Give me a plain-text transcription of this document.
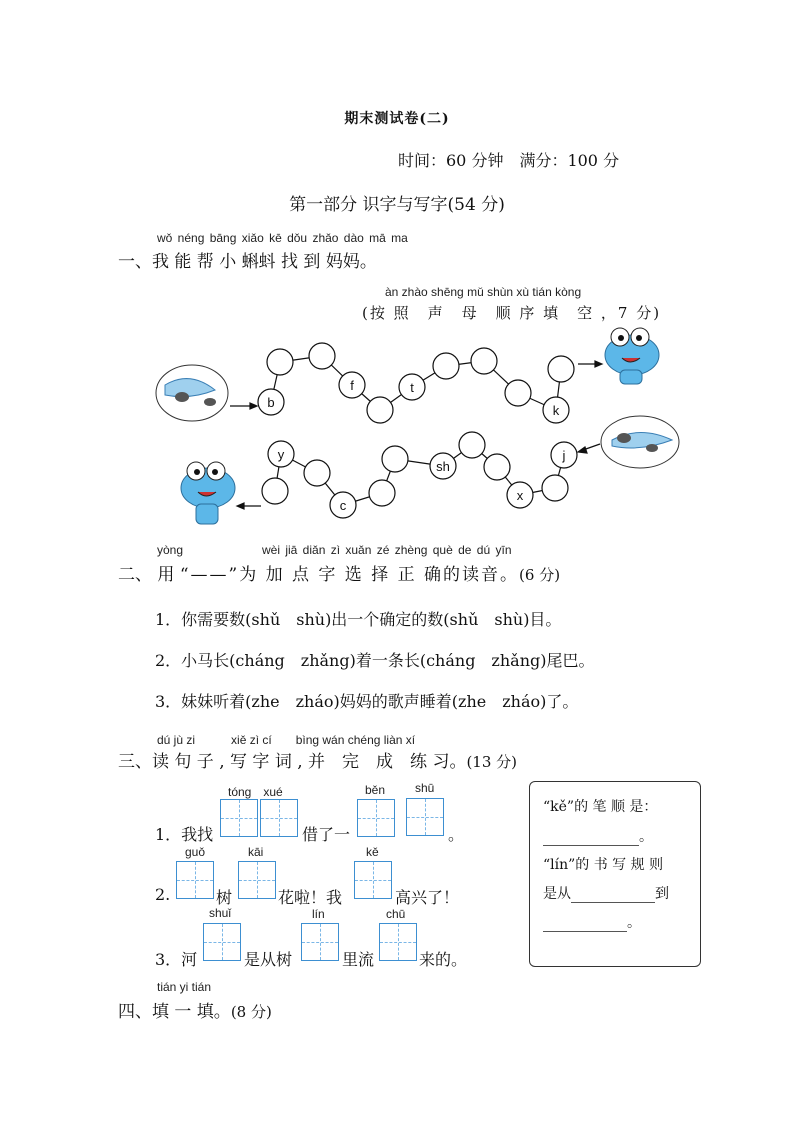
期末测试卷(二)
时间：60 分钟　满分：100 分
第一部分 识字与写字(54 分)
wǒ néng bāng xiǎo kē dǒu zhǎo dào mā ma
一、我 能 帮 小 蝌蚪 找 到 妈妈。
àn zhào shēng mǔ shùn xù tián kòng
(按 照　声　母　顺 序 填　空 ，7 分)
b
f	t
k
j
sh
x
c
y
yòng	wèi jiā diǎn zì xuǎn zé zhèng què de dú yīn
二、 用 “——”为 加 点 字 选 择 正 确的读音。(6 分)
1．你需要数(shǔ　shù)出一个确定的数(shǔ　shù)目。
2．小马长(cháng　zhǎng)着一条长(cháng　zhǎng)尾巴。
3．妹妹听着(zhe　zháo)妈妈的歌声睡着(zhe　zháo)了。
dú jù zi　　　xiě zì cí　　bìng wán chéng liàn xí
三、读 句 子 , 写 字 词 , 并　完　成　练 习。(13 分)
tóng　xué	běn shū
1．我找	借了一	。
guǒ	kāi	kě
2.	树	花啦！我	高兴了！
shuǐ	lín	chū
3．河	是从树	里流	来的。
“kě”的 笔 顺 是：
。
“lín”的 书 写 规 则
是从	到
。
tián yi tián
四、填 一 填。(8 分)
